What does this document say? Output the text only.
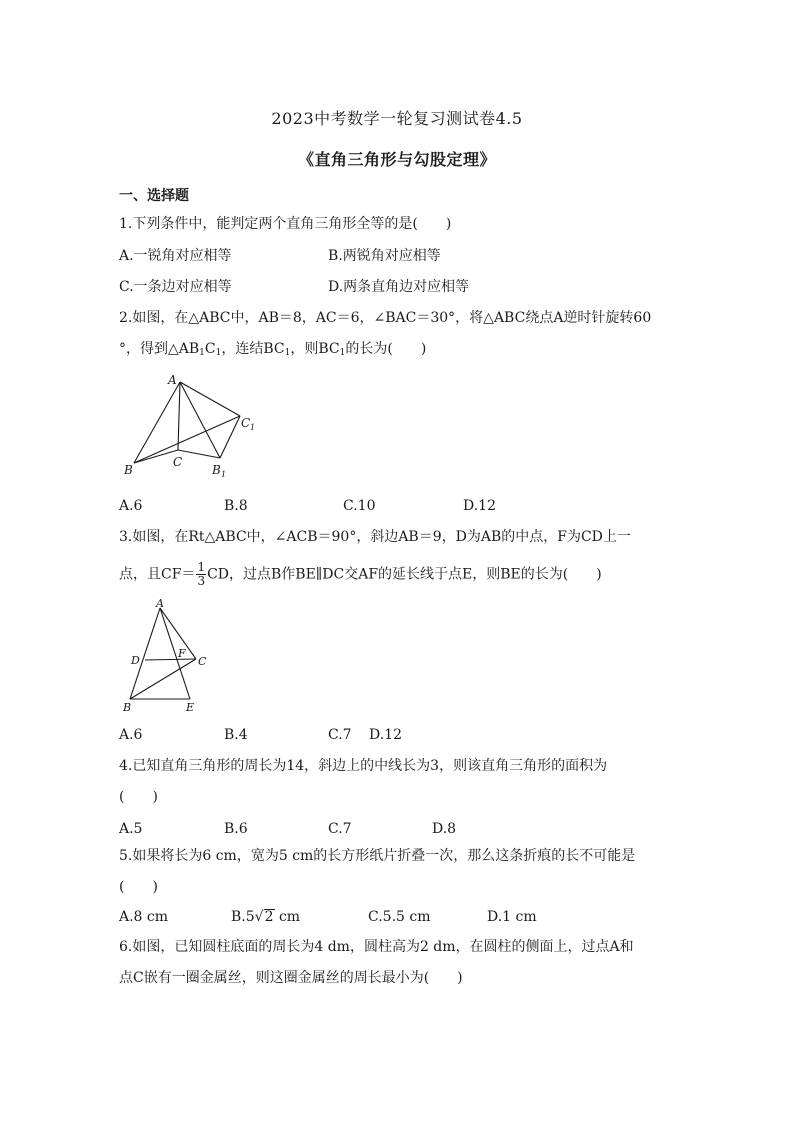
2023中考数学一轮复习测试卷4.5
《直角三角形与勾股定理》
一、选择题
1.下列条件中，能判定两个直角三角形全等的是(　　)
A.一锐角对应相等	B.两锐角对应相等
C.一条边对应相等	D.两条直角边对应相等
2.如图，在△ABC中，AB＝8，AC＝6，∠BAC＝30°，将△ABC绕点A逆时针旋转60
°，得到$\triangle AB_1C_1$，连结$BC_1$，则$BC_1$的长为(　　)
A
C
B	B 1
C 1
A.6	B.8	C.10	D.12
3.如图，在Rt△ABC中，∠ACB＝90°，斜边AB＝9，D为AB的中点，F为CD上一
点，且$CF= \frac{1}{3}$ CD，过点B作BE∥DC交AF的延长线于点E，则BE的长为(　　)
A
D
F
C
B	E
A.6	B.4	C.7 D.12
4.已知直角三角形的周长为14，斜边上的中线长为3，则该直角三角形的面积为
(　　)
A.5	B.6	C.7	D.8
5.如果将长为6 cm，宽为5 cm的长方形纸片折叠一次，那么这条折痕的长不可能是
(　　)
A.8 cm	B.5√2 cm	C.5.5 cm	D.1 cm
6.如图，已知圆柱底面的周长为4 dm，圆柱高为2 dm，在圆柱的侧面上，过点A和
点C嵌有一圈金属丝，则这圈金属丝的周长最小为(　　)
